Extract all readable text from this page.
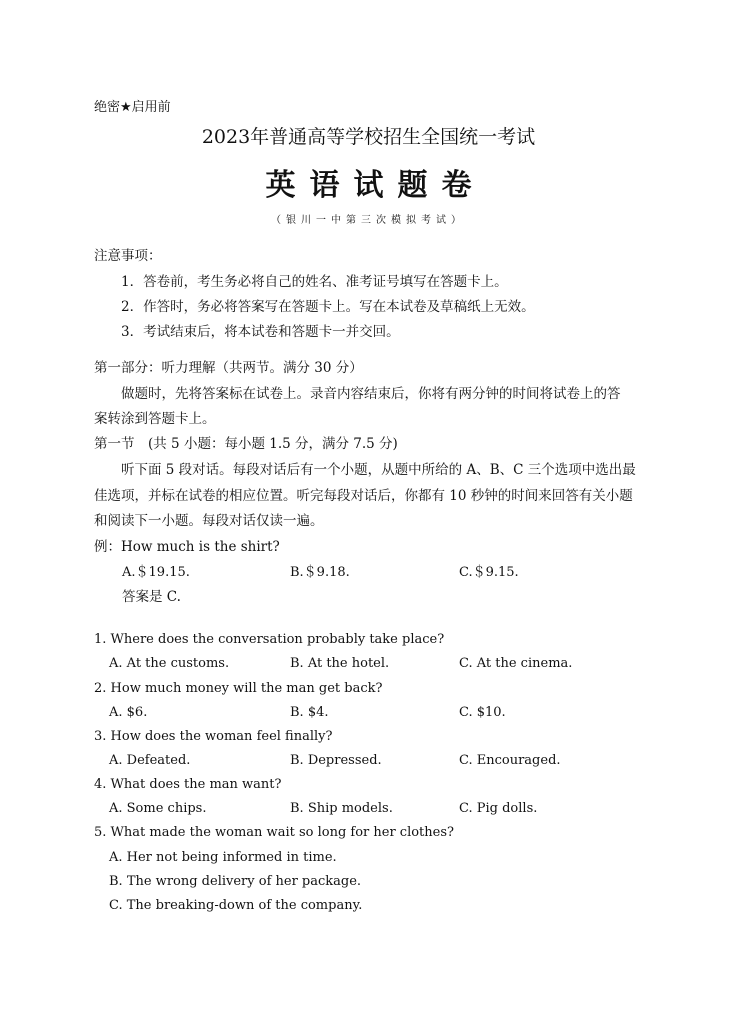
绝密★启用前
2023年普通高等学校招生全国统一考试
英语试题卷
（银川一中第三次模拟考试）
注意事项：
1．答卷前，考生务必将自己的姓名、准考证号填写在答题卡上。
2．作答时，务必将答案写在答题卡上。写在本试卷及草稿纸上无效。
3．考试结束后，将本试卷和答题卡一并交回。
第一部分：听力理解（共两节。满分 30 分）
做题时，先将答案标在试卷上。录音内容结束后，你将有两分钟的时间将试卷上的答
案转涂到答题卡上。
第一节　(共 5 小题：每小题 1.5 分，满分 7.5 分)
听下面 5 段对话。每段对话后有一个小题，从题中所给的 A、B、C 三个选项中选出最
佳选项，并标在试卷的相应位置。听完每段对话后，你都有 10 秒钟的时间来回答有关小题
和阅读下一小题。每段对话仅读一遍。
例：How much is the shirt?
A.＄19.15.	B.＄9.18.	C.＄9.15.
答案是 C.
1. Where does the conversation probably take place?
A. At the customs.	B. At the hotel.	C. At the cinema.
2. How much money will the man get back?
A. $6.	B. $4.	C. $10.
3. How does the woman feel finally?
A. Defeated.	B. Depressed.	C. Encouraged.
4. What does the man want?
A. Some chips.	B. Ship models.	C. Pig dolls.
5. What made the woman wait so long for her clothes?
A. Her not being informed in time.
B. The wrong delivery of her package.
C. The breaking-down of the company.
